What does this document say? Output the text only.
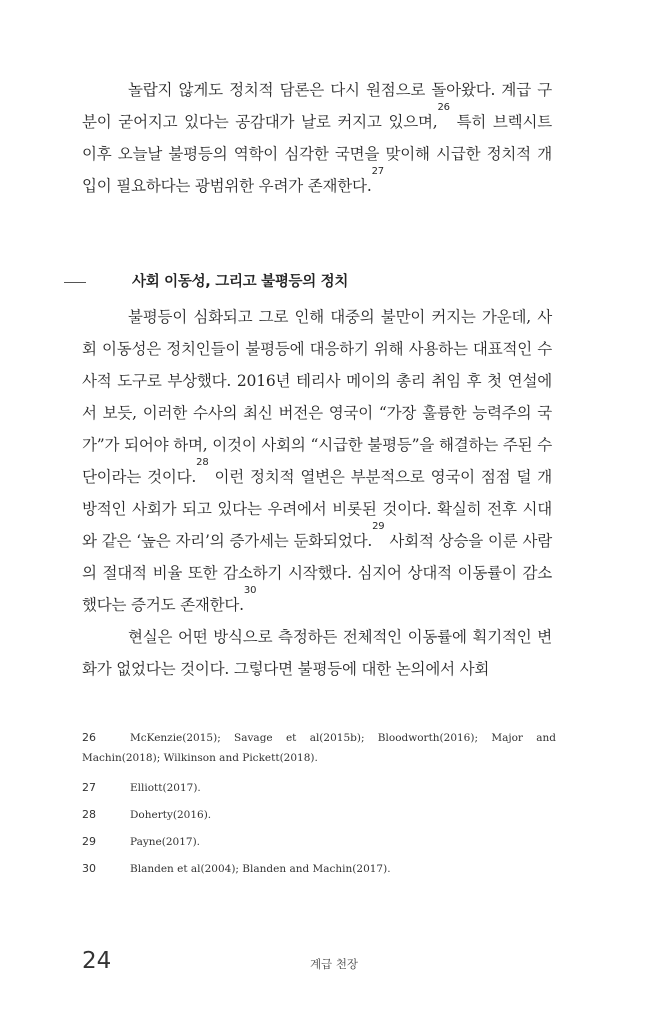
놀랍지 않게도 정치적 담론은 다시 원점으로 돌아왔다. 계급 구분이 굳어지고 있다는 공감대가 날로 커지고 있으며,$^{26}$ 특히 브렉시트 이후 오늘날 불평등의 역학이 심각한 국면을 맞이해 시급한 정치적 개입이 필요하다는 광범위한 우려가 존재한다.$^{27}$

사회 이동성, 그리고 불평등의 정치

불평등이 심화되고 그로 인해 대중의 불만이 커지는 가운데, 사회 이동성은 정치인들이 불평등에 대응하기 위해 사용하는 대표적인 수사적 도구로 부상했다. 2016년 테리사 메이의 총리 취임 후 첫 연설에서 보듯, 이러한 수사의 최신 버전은 영국이 “가장 훌륭한 능력주의 국가”가 되어야 하며, 이것이 사회의 “시급한 불평등”을 해결하는 주된 수단이라는 것이다.$^{28}$ 이런 정치적 열변은 부분적으로 영국이 점점 덜 개방적인 사회가 되고 있다는 우려에서 비롯된 것이다. 확실히 전후 시대와 같은 ‘높은 자리’의 증가세는 둔화되었다.$^{29}$ 사회적 상승을 이룬 사람의 절대적 비율 또한 감소하기 시작했다. 심지어 상대적 이동률이 감소했다는 증거도 존재한다.$^{30}$

현실은 어떤 방식으로 측정하든 전체적인 이동률에 획기적인 변화가 없었다는 것이다. 그렇다면 불평등에 대한 논의에서 사회

26	McKenzie(2015); Savage et al(2015b); Bloodworth(2016); Major and Machin(2018); Wilkinson and Pickett(2018).
27	Elliott(2017).
28	Doherty(2016).
29	Payne(2017).
30	Blanden et al(2004); Blanden and Machin(2017).
24	계급 천장
